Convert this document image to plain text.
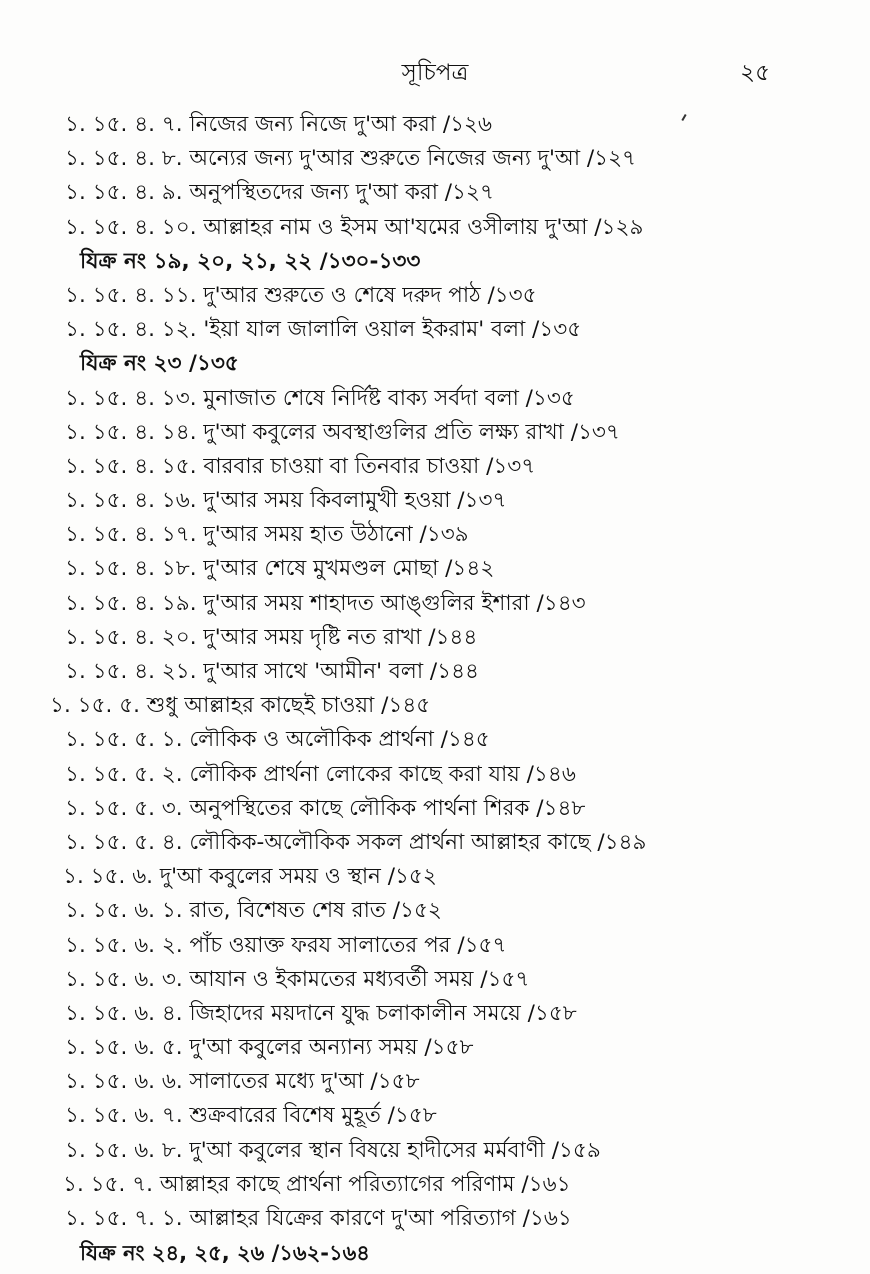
সূচিপত্র	২৫
১. ১৫. ৪. ৭. নিজের জন্য নিজে দু'আ করা /১২৬
১. ১৫. ৪. ৮. অন্যের জন্য দু'আর শুরুতে নিজের জন্য দু'আ /১২৭
১. ১৫. ৪. ৯. অনুপস্থিতদের জন্য দু'আ করা /১২৭
১. ১৫. ৪. ১০. আল্লাহর নাম ও ইসম আ'যমের ওসীলায় দু'আ /১২৯
যিক্র নং ১৯, ২০, ২১, ২২ /১৩০-১৩৩
১. ১৫. ৪. ১১. দু'আর শুরুতে ও শেষে দরুদ পাঠ /১৩৫
১. ১৫. ৪. ১২. 'ইয়া যাল জালালি ওয়াল ইকরাম' বলা /১৩৫
যিক্র নং ২৩ /১৩৫
১. ১৫. ৪. ১৩. মুনাজাত শেষে নির্দিষ্ট বাক্য সর্বদা বলা /১৩৫
১. ১৫. ৪. ১৪. দু'আ কবুলের অবস্থাগুলির প্রতি লক্ষ্য রাখা /১৩৭
১. ১৫. ৪. ১৫. বারবার চাওয়া বা তিনবার চাওয়া /১৩৭
১. ১৫. ৪. ১৬. দু'আর সময় কিবলামুখী হওয়া /১৩৭
১. ১৫. ৪. ১৭. দু'আর সময় হাত উঠানো /১৩৯
১. ১৫. ৪. ১৮. দু'আর শেষে মুখমণ্ডল মোছা /১৪২
১. ১৫. ৪. ১৯. দু'আর সময় শাহাদত আঙ্গুলির ইশারা /১৪৩
১. ১৫. ৪. ২০. দু'আর সময় দৃষ্টি নত রাখা /১৪৪
১. ১৫. ৪. ২১. দু'আর সাথে 'আমীন' বলা /১৪৪
১. ১৫. ৫. শুধু আল্লাহর কাছেই চাওয়া /১৪৫
১. ১৫. ৫. ১. লৌকিক ও অলৌকিক প্রার্থনা /১৪৫
১. ১৫. ৫. ২. লৌকিক প্রার্থনা লোকের কাছে করা যায় /১৪৬
১. ১৫. ৫. ৩. অনুপস্থিতের কাছে লৌকিক পার্থনা শিরক /১৪৮
১. ১৫. ৫. ৪. লৌকিক-অলৌকিক সকল প্রার্থনা আল্লাহর কাছে /১৪৯
১. ১৫. ৬. দু'আ কবুলের সময় ও স্থান /১৫২
১. ১৫. ৬. ১. রাত, বিশেষত শেষ রাত /১৫২
১. ১৫. ৬. ২. পাঁচ ওয়াক্ত ফরয সালাতের পর /১৫৭
১. ১৫. ৬. ৩. আযান ও ইকামতের মধ্যবর্তী সময় /১৫৭
১. ১৫. ৬. ৪. জিহাদের ময়দানে যুদ্ধ চলাকালীন সময়ে /১৫৮
১. ১৫. ৬. ৫. দু'আ কবুলের অন্যান্য সময় /১৫৮
১. ১৫. ৬. ৬. সালাতের মধ্যে দু'আ /১৫৮
১. ১৫. ৬. ৭. শুক্রবারের বিশেষ মুহূর্ত /১৫৮
১. ১৫. ৬. ৮. দু'আ কবুলের স্থান বিষয়ে হাদীসের মর্মবাণী /১৫৯
১. ১৫. ৭. আল্লাহর কাছে প্রার্থনা পরিত্যাগের পরিণাম /১৬১
১. ১৫. ৭. ১. আল্লাহর যিক্রের কারণে দু'আ পরিত্যাগ /১৬১
যিক্র নং ২৪, ২৫, ২৬ /১৬২-১৬৪
